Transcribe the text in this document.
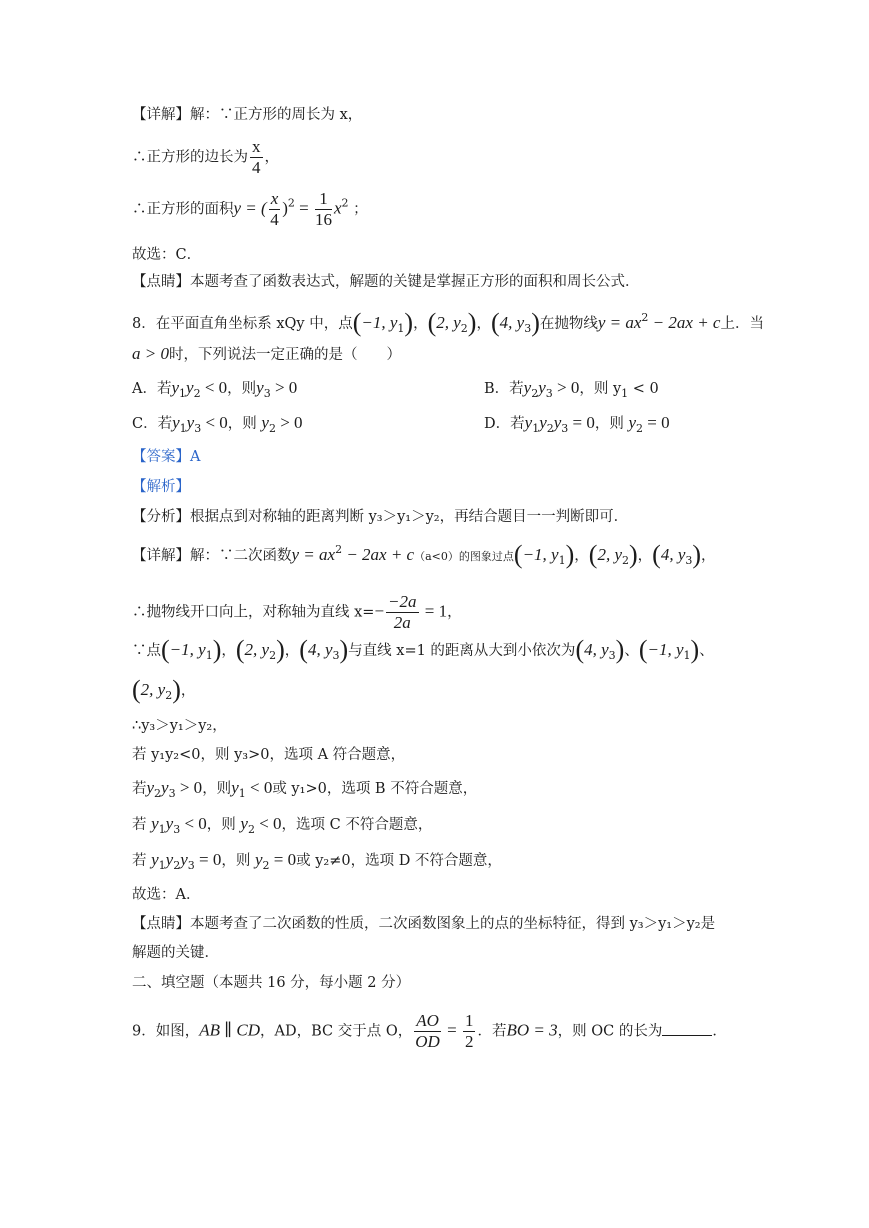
【详解】解：∵正方形的周长为 x，
∴正方形的边长为 $\frac{x}{4}$ ，
∴正方形的面积y = ( $\frac{x}{4} )^2 = \frac{1}{16} x^2$ ；
故选：C．
【点睛】本题考查了函数表达式，解题的关键是掌握正方形的面积和周长公式．
8．在平面直角坐标系 xQy 中，点(−1, $y_1$)，(2, $y_2$)，(4, $y_3$)在抛物线$y = ax^2 - 2ax + c$上．当
a > 0时，下列说法一定正确的是（　　）
A．若$y_1y_2 < 0$，则$y_3 > 0$	B．若$y_2y_3 > 0$，则 $y_1 < 0$
C．若$y_1y_3 < 0$，则 $y_2 > 0$	D．若$y_1y_2y_3 = 0$，则 $y_2 = 0$
【答案】A
【解析】
【分析】根据点到对称轴的距离判断 y₃＞y₁＞y₂，再结合题目一一判断即可．
【详解】解：∵二次函数$y = ax^2 - 2ax + c(a<0)$的图象过点(−1, $y_1$)，(2, $y_2$)，(4, $y_3$)，
∴抛物线开口向上，对称轴为直线 $x=- \frac{-2a}{2a} = 1$，
∵点(−1, $y_1$)，(2, $y_2$)，(4, $y_3$)与直线 x=1 的距离从大到小依次为(4, $y_3$)、(−1, $y_1$)、
(2, $y_2$)，
∴y₃＞y₁＞y₂，
若 y₁y₂<0，则 y₃>0，选项 A 符合题意，
若$y_2y_3 > 0$，则$y_1 < 0$或 y₁>0，选项 B 不符合题意，
若 $y_1y_3 < 0$，则 $y_2 < 0$，选项 C 不符合题意，
若 $y_1y_2y_3 = 0$，则 $y_2 = 0$或 y₂≠0，选项 D 不符合题意，
故选：A．
【点睛】本题考查了二次函数的性质，二次函数图象上的点的坐标特征，得到 y₃＞y₁＞y₂是
解题的关键．
二、填空题（本题共 16 分，每小题 2 分）
9．如图，AB ∥ CD，AD，BC 交于点 O， $\frac{AO}{OD} = \frac{1}{2}$ ．若BO = 3，则 OC 的长为	．
